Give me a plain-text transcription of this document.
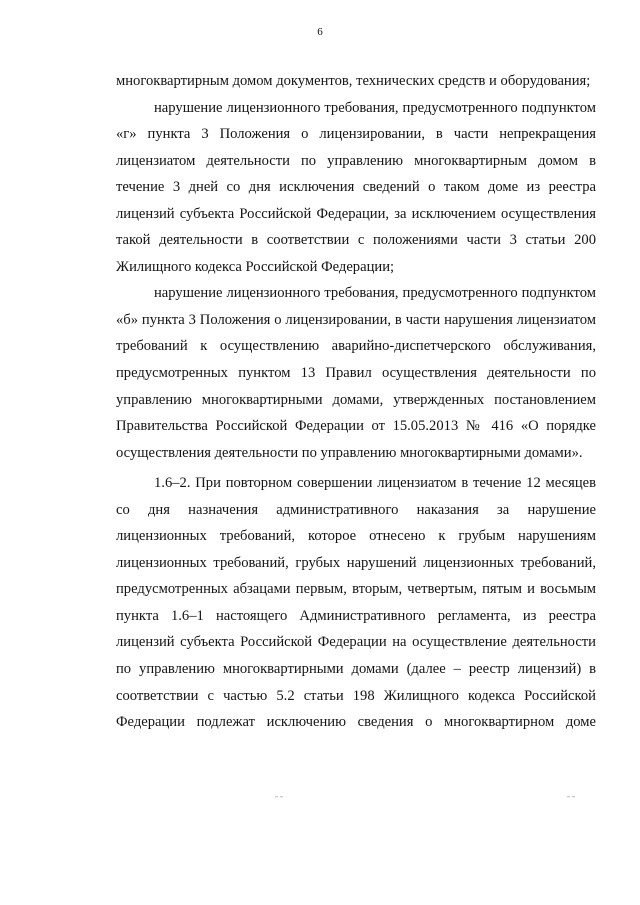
6

многоквартирным домом документов, технических средств и оборудования;

нарушение лицензионного требования, предусмотренного подпунктом «г» пункта 3 Положения о лицензировании, в части непрекращения лицензиатом деятельности по управлению многоквартирным домом в течение 3 дней со дня исключения сведений о таком доме из реестра лицензий субъекта Российской Федерации, за исключением осуществления такой деятельности в соответствии с положениями части 3 статьи 200 Жилищного кодекса Российской Федерации;

нарушение лицензионного требования, предусмотренного подпунктом «б» пункта 3 Положения о лицензировании, в части нарушения лицензиатом требований к осуществлению аварийно-диспетчерского обслуживания, предусмотренных пунктом 13 Правил осуществления деятельности по управлению многоквартирными домами, утвержденных постановлением Правительства Российской Федерации от 15.05.2013 № 416 «О порядке осуществления деятельности по управлению многоквартирными домами».

1.6–2. При повторном совершении лицензиатом в течение 12 месяцев со дня назначения административного наказания за нарушение лицензионных требований, которое отнесено к грубым нарушениям лицензионных требований, грубых нарушений лицензионных требований, предусмотренных абзацами первым, вторым, четвертым, пятым и восьмым пункта 1.6–1 настоящего Административного регламента, из реестра лицензий субъекта Российской Федерации на осуществление деятельности по управлению многоквартирными домами (далее – реестр лицензий) в соответствии с частью 5.2 статьи 198 Жилищного кодекса Российской Федерации подлежат исключению сведения о многоквартирном доме

¯ˉ	¯ˉ
